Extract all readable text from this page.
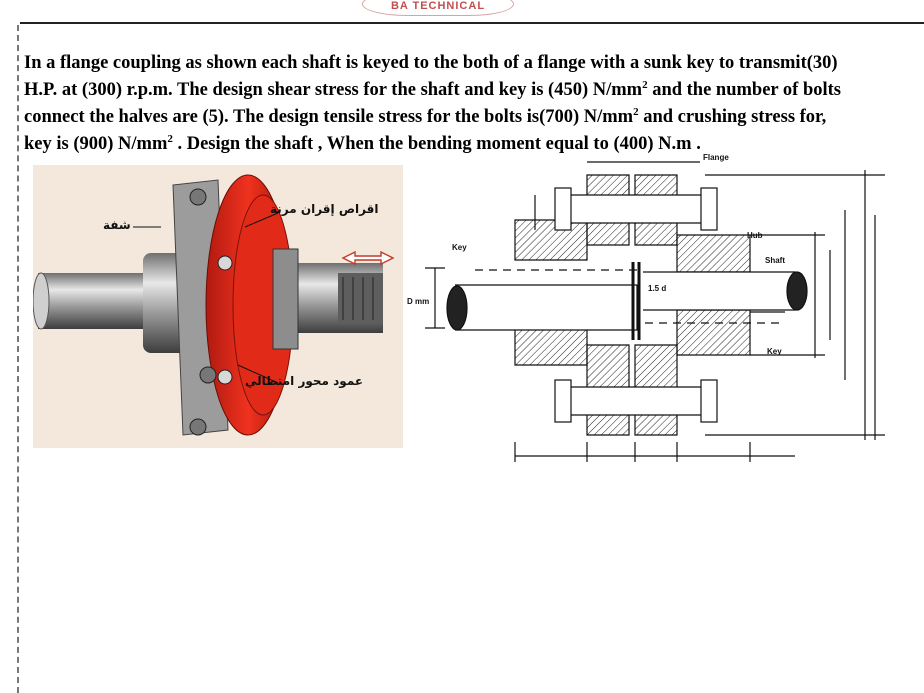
BA TECHNICAL

In a flange coupling as shown each shaft is keyed to the both of a flange with a sunk key to transmit(30)

H.P. at (300) r.p.m. The design shear stress for the shaft and key is (450) $N/mm^2$ and the number of bolts

connect the halves are (5). The design tensile stress for the bolts is(700) $N/mm^2$ and crushing stress for,

key is (900) $N/mm^2$ . Design the shaft , When the bending moment equal to (400) N.m .

اقراص إقران مرنة
شفة
عمود محور امتطالي
Flange
Hub
Shaft
Key
Key
1.5 d
D mm
